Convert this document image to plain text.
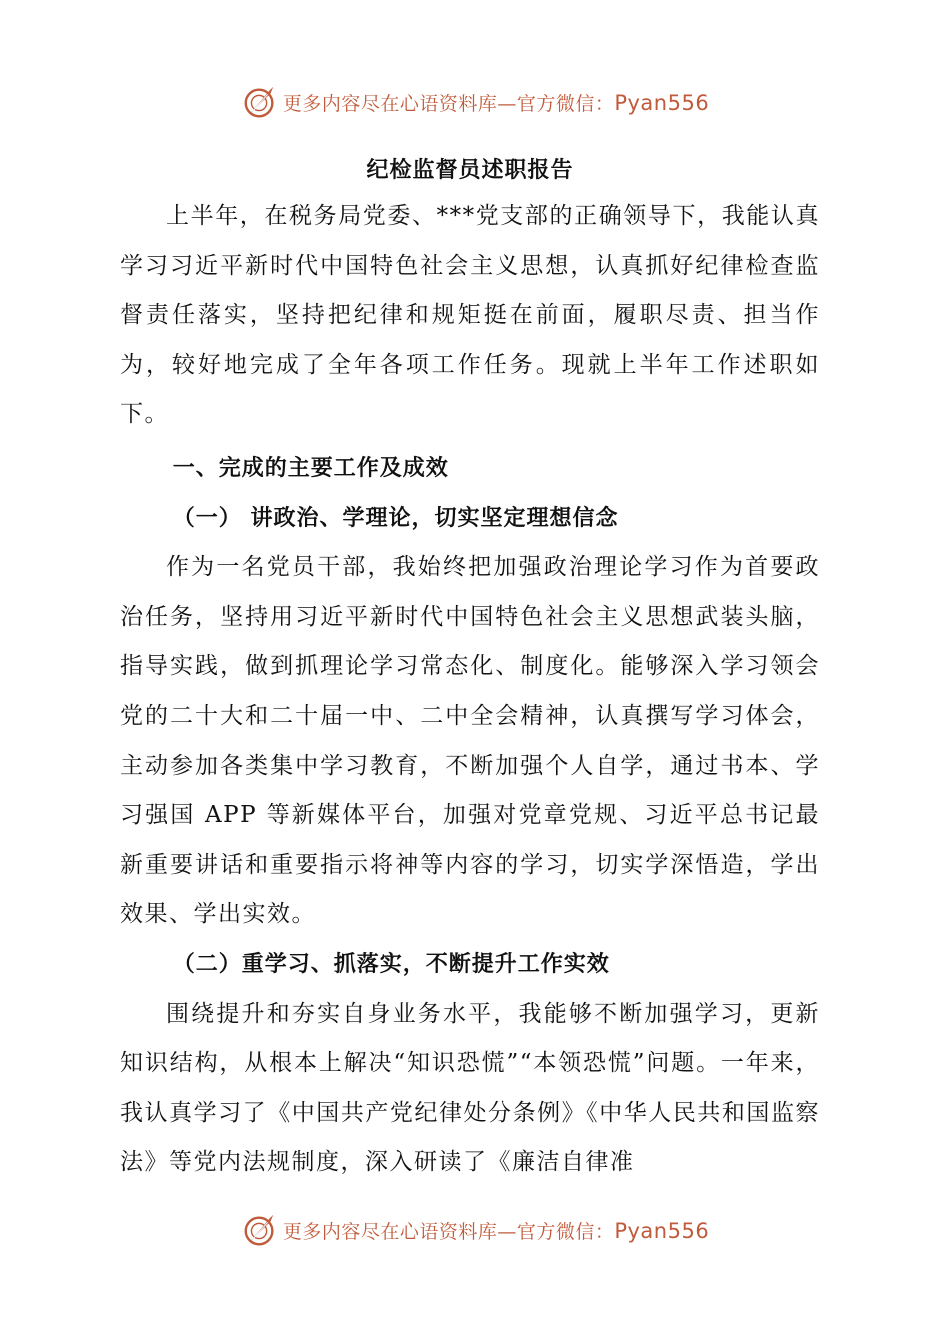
更多内容尽在心语资料库—官方微信：Pyan556
纪检监督员述职报告

上半年，在税务局党委、***党支部的正确领导下，我能认真学习习近平新时代中国特色社会主义思想，认真抓好纪律检查监督责任落实，坚持把纪律和规矩挺在前面，履职尽责、担当作为，较好地完成了全年各项工作任务。现就上半年工作述职如下。

一、完成的主要工作及成效

（一） 讲政治、学理论，切实坚定理想信念

作为一名党员干部，我始终把加强政治理论学习作为首要政治任务，坚持用习近平新时代中国特色社会主义思想武装头脑，指导实践，做到抓理论学习常态化、制度化。能够深入学习领会党的二十大和二十届一中、二中全会精神，认真撰写学习体会，主动参加各类集中学习教育，不断加强个人自学，通过书本、学习强国 APP 等新媒体平台，加强对党章党规、习近平总书记最新重要讲话和重要指示将神等内容的学习，切实学深悟造，学出效果、学出实效。

（二）重学习、抓落实，不断提升工作实效

围绕提升和夯实自身业务水平，我能够不断加强学习，更新知识结构，从根本上解决“知识恐慌”“本领恐慌”问题。一年来，我认真学习了《中国共产党纪律处分条例》《中华人民共和国监察法》等党内法规制度，深入研读了《廉洁自律准

更多内容尽在心语资料库—官方微信：Pyan556
